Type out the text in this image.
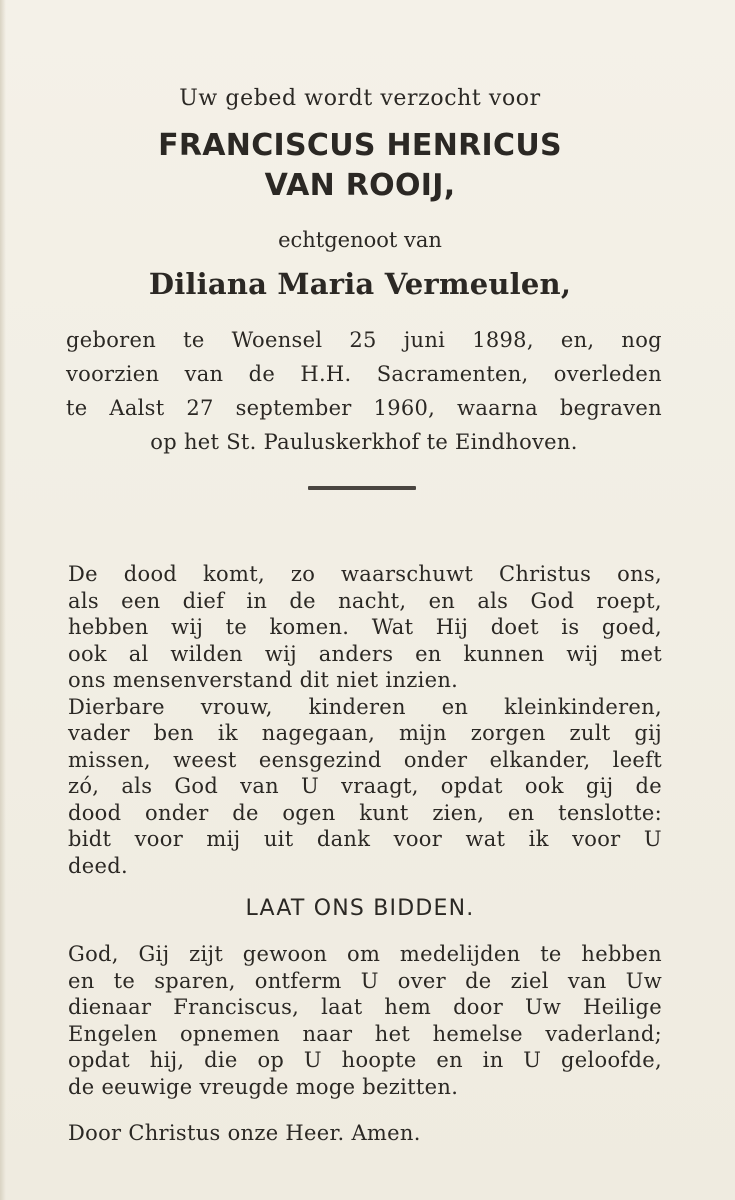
Uw gebed wordt verzocht voor
FRANCISCUS HENRICUS
VAN ROOIJ,
echtgenoot van
Diliana Maria Vermeulen,
geboren te Woensel 25 juni 1898, en, nog
voorzien van de H.H. Sacramenten, overleden
te Aalst 27 september 1960, waarna begraven
op het St. Pauluskerkhof te Eindhoven.
De dood komt, zo waarschuwt Christus ons,
als een dief in de nacht, en als God roept,
hebben wij te komen. Wat Hij doet is goed,
ook al wilden wij anders en kunnen wij met
ons mensenverstand dit niet inzien.
Dierbare vrouw, kinderen en kleinkinderen,
vader ben ik nagegaan, mijn zorgen zult gij
missen, weest eensgezind onder elkander, leeft
zó, als God van U vraagt, opdat ook gij de
dood onder de ogen kunt zien, en tenslotte:
bidt voor mij uit dank voor wat ik voor U
deed.
LAAT ONS BIDDEN.
God, Gij zijt gewoon om medelijden te hebben
en te sparen, ontferm U over de ziel van Uw
dienaar Franciscus, laat hem door Uw Heilige
Engelen opnemen naar het hemelse vaderland;
opdat hij, die op U hoopte en in U geloofde,
de eeuwige vreugde moge bezitten.
Door Christus onze Heer. Amen.
